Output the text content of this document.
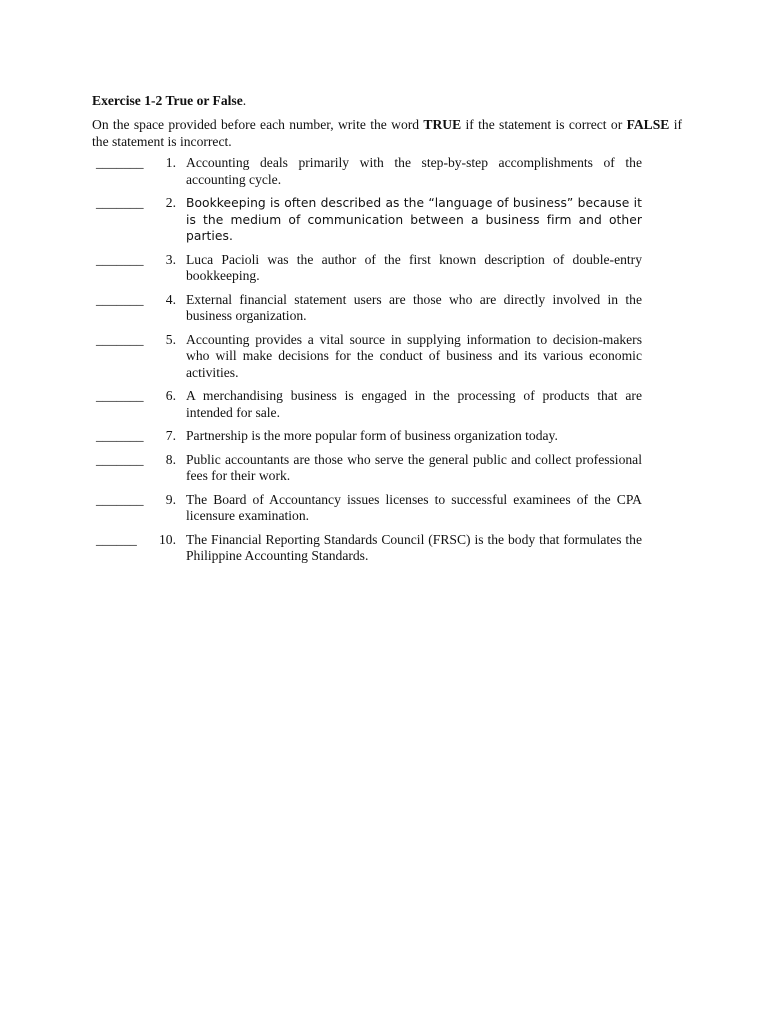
Exercise 1-2 True or False.
On the space provided before each number, write the word TRUE if the statement is correct or FALSE if the statement is incorrect.
_______	1. Accounting deals primarily with the step-by-step accomplishments of the accounting cycle.
_______	2. Bookkeeping is often described as the “language of business” because it is the medium of communication between a business firm and other parties.
_______	3. Luca Pacioli was the author of the first known description of double-entry bookkeeping.
_______	4. External financial statement users are those who are directly involved in the business organization.
_______	5. Accounting provides a vital source in supplying information to decision-makers who will make decisions for the conduct of business and its various economic activities.
_______	6. A merchandising business is engaged in the processing of products that are intended for sale.
_______	7. Partnership is the more popular form of business organization today.
_______	8. Public accountants are those who serve the general public and collect professional fees for their work.
_______	9. The Board of Accountancy issues licenses to successful examinees of the CPA licensure examination.
______	10. The Financial Reporting Standards Council (FRSC) is the body that formulates the Philippine Accounting Standards.
